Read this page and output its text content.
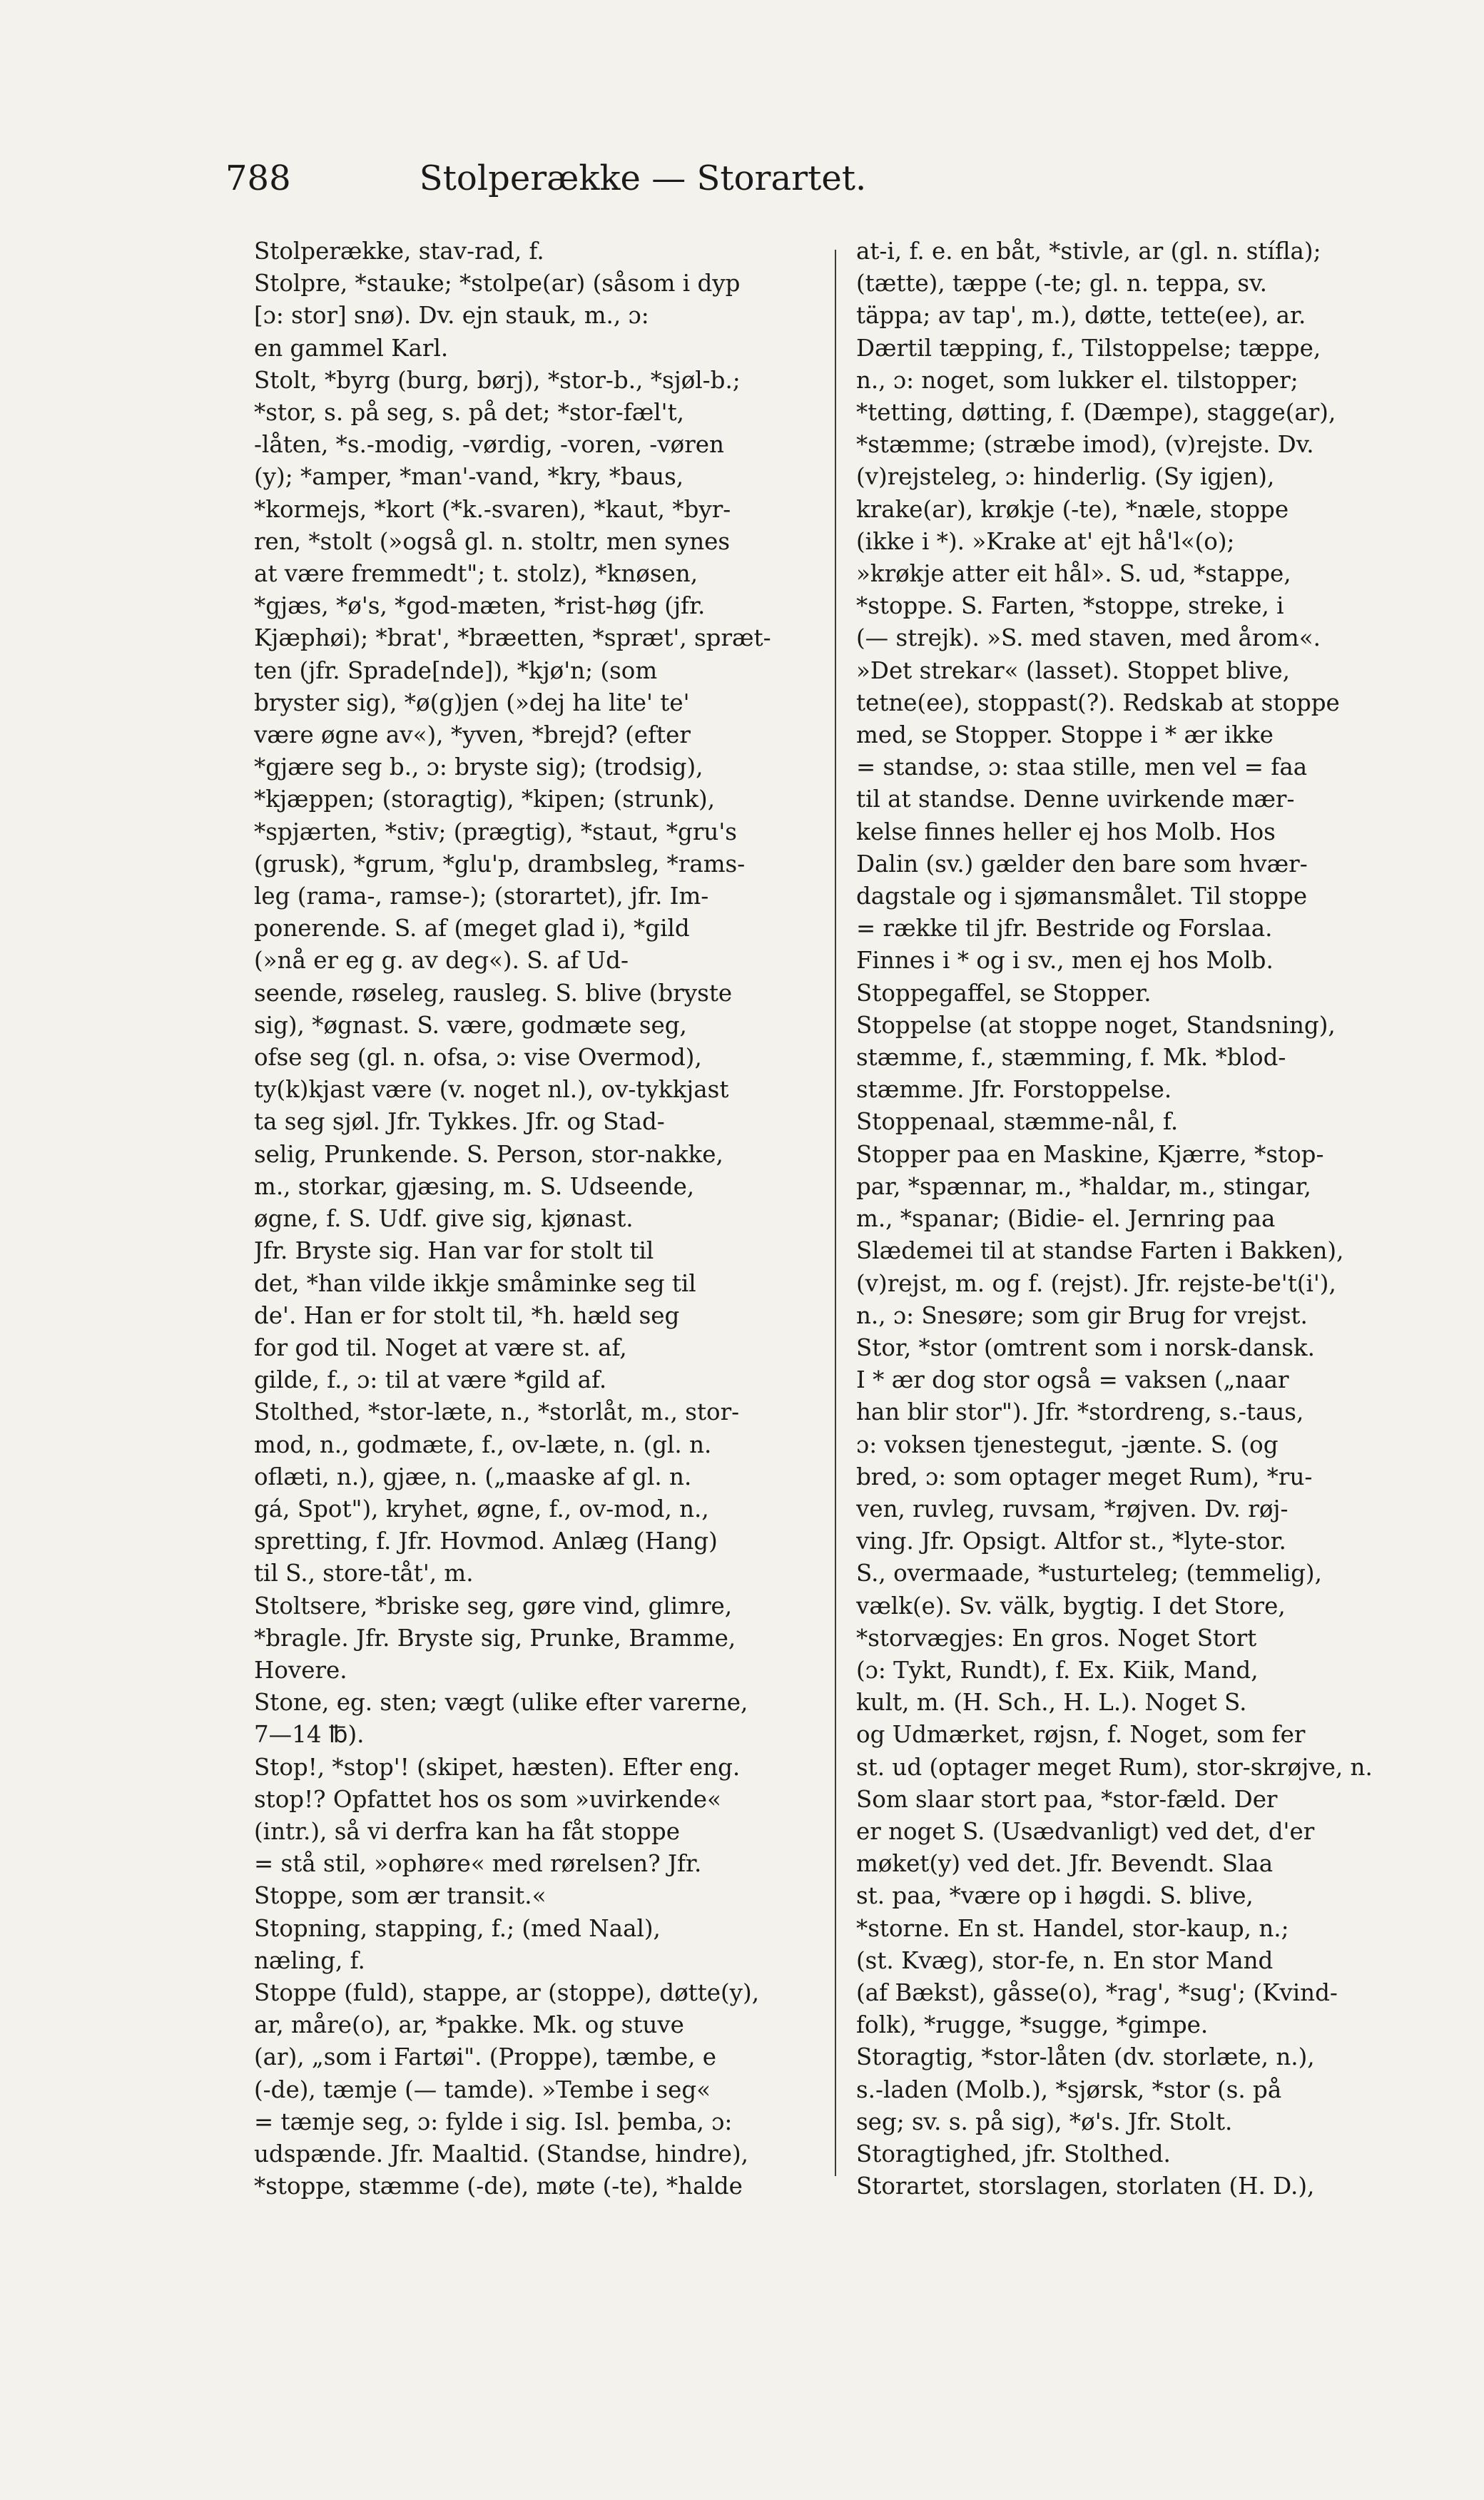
788	Stolperække — Storartet.
Stolperække, stav-rad, f.
Stolpre, *stauke; *stolpe(ar) (såsom i dyp
[ɔ: stor] snø). Dv. ejn stauk, m., ɔ:
en gammel Karl.
Stolt, *byrg (burg, børj), *stor-b., *sjøl-b.;
*stor, s. på seg, s. på det; *stor-fæl't,
-låten, *s.-modig, -vørdig, -voren, -vøren
(y); *amper, *man'-vand, *kry, *baus,
*kormejs, *kort (*k.-svaren), *kaut, *byr-
ren, *stolt (»også gl. n. stoltr, men synes
at være fremmedt"; t. stolz), *knøsen,
*gjæs, *ø's, *god-mæten, *rist-høg (jfr.
Kjæphøi); *brat', *bræetten, *spræt', spræt-
ten (jfr. Sprade[nde]), *kjø'n; (som
bryster sig), *ø(g)jen (»dej ha lite' te'
være øgne av«), *yven, *brejd? (efter
*gjære seg b., ɔ: bryste sig); (trodsig),
*kjæppen; (storagtig), *kipen; (strunk),
*spjærten, *stiv; (prægtig), *staut, *gru's
(grusk), *grum, *glu'p, drambsleg, *rams-
leg (rama-, ramse-); (storartet), jfr. Im-
ponerende. S. af (meget glad i), *gild
(»nå er eg g. av deg«). S. af Ud-
seende, røseleg, rausleg. S. blive (bryste
sig), *øgnast. S. være, godmæte seg,
ofse seg (gl. n. ofsa, ɔ: vise Overmod),
ty(k)kjast være (v. noget nl.), ov-tykkjast
ta seg sjøl. Jfr. Tykkes. Jfr. og Stad-
selig, Prunkende. S. Person, stor-nakke,
m., storkar, gjæsing, m. S. Udseende,
øgne, f. S. Udf. give sig, kjønast.
Jfr. Bryste sig. Han var for stolt til
det, *han vilde ikkje småminke seg til
de'. Han er for stolt til, *h. hæld seg
for god til. Noget at være st. af,
gilde, f., ɔ: til at være *gild af.
Stolthed, *stor-læte, n., *storlåt, m., stor-
mod, n., godmæte, f., ov-læte, n. (gl. n.
oflæti, n.), gjæe, n. („maaske af gl. n.
gá, Spot"), kryhet, øgne, f., ov-mod, n.,
spretting, f. Jfr. Hovmod. Anlæg (Hang)
til S., store-tåt', m.
Stoltsere, *briske seg, gøre vind, glimre,
*bragle. Jfr. Bryste sig, Prunke, Bramme,
Hovere.
Stone, eg. sten; vægt (ulike efter varerne,
7—14 ℔).
Stop!, *stop'! (skipet, hæsten). Efter eng.
stop!? Opfattet hos os som »uvirkende«
(intr.), så vi derfra kan ha fåt stoppe
= stå stil, »ophøre« med rørelsen? Jfr.
Stoppe, som ær transit.«
Stopning, stapping, f.; (med Naal),
næling, f.
Stoppe (fuld), stappe, ar (stoppe), døtte(y),
ar, måre(o), ar, *pakke. Mk. og stuve
(ar), „som i Fartøi". (Proppe), tæmbe, e
(-de), tæmje (— tamde). »Tembe i seg«
= tæmje seg, ɔ: fylde i sig. Isl. þemba, ɔ:
udspænde. Jfr. Maaltid. (Standse, hindre),
*stoppe, stæmme (-de), møte (-te), *halde
at-i, f. e. en båt, *stivle, ar (gl. n. stífla);
(tætte), tæppe (-te; gl. n. teppa, sv.
täppa; av tap', m.), døtte, tette(ee), ar.
Dærtil tæpping, f., Tilstoppelse; tæppe,
n., ɔ: noget, som lukker el. tilstopper;
*tetting, døtting, f. (Dæmpe), stagge(ar),
*stæmme; (stræbe imod), (v)rejste. Dv.
(v)rejsteleg, ɔ: hinderlig. (Sy igjen),
krake(ar), krøkje (-te), *næle, stoppe
(ikke i *). »Krake at' ejt hå'l«(o);
»krøkje atter eit hål». S. ud, *stappe,
*stoppe. S. Farten, *stoppe, streke, i
(— strejk). »S. med staven, med årom«.
»Det strekar« (lasset). Stoppet blive,
tetne(ee), stoppast(?). Redskab at stoppe
med, se Stopper. Stoppe i * ær ikke
= standse, ɔ: staa stille, men vel = faa
til at standse. Denne uvirkende mær-
kelse finnes heller ej hos Molb. Hos
Dalin (sv.) gælder den bare som hvær-
dagstale og i sjømansmålet. Til stoppe
= række til jfr. Bestride og Forslaa.
Finnes i * og i sv., men ej hos Molb.
Stoppegaffel, se Stopper.
Stoppelse (at stoppe noget, Standsning),
stæmme, f., stæmming, f. Mk. *blod-
stæmme. Jfr. Forstoppelse.
Stoppenaal, stæmme-nål, f.
Stopper paa en Maskine, Kjærre, *stop-
par, *spænnar, m., *haldar, m., stingar,
m., *spanar; (Bidie- el. Jernring paa
Slædemei til at standse Farten i Bakken),
(v)rejst, m. og f. (rejst). Jfr. rejste-be't(i'),
n., ɔ: Snesøre; som gir Brug for vrejst.
Stor, *stor (omtrent som i norsk-dansk.
I * ær dog stor også = vaksen („naar
han blir stor"). Jfr. *stordreng, s.-taus,
ɔ: voksen tjenestegut, -jænte. S. (og
bred, ɔ: som optager meget Rum), *ru-
ven, ruvleg, ruvsam, *røjven. Dv. røj-
ving. Jfr. Opsigt. Altfor st., *lyte-stor.
S., overmaade, *usturteleg; (temmelig),
vælk(e). Sv. välk, bygtig. I det Store,
*storvægjes: En gros. Noget Stort
(ɔ: Tykt, Rundt), f. Ex. Kiik, Mand,
kult, m. (H. Sch., H. L.). Noget S.
og Udmærket, røjsn, f. Noget, som fer
st. ud (optager meget Rum), stor-skrøjve, n.
Som slaar stort paa, *stor-fæld. Der
er noget S. (Usædvanligt) ved det, d'er
møket(y) ved det. Jfr. Bevendt. Slaa
st. paa, *være op i høgdi. S. blive,
*storne. En st. Handel, stor-kaup, n.;
(st. Kvæg), stor-fe, n. En stor Mand
(af Bækst), gåsse(o), *rag', *sug'; (Kvind-
folk), *rugge, *sugge, *gimpe.
Storagtig, *stor-låten (dv. storlæte, n.),
s.-laden (Molb.), *sjørsk, *stor (s. på
seg; sv. s. på sig), *ø's. Jfr. Stolt.
Storagtighed, jfr. Stolthed.
Storartet, storslagen, storlaten (H. D.),
